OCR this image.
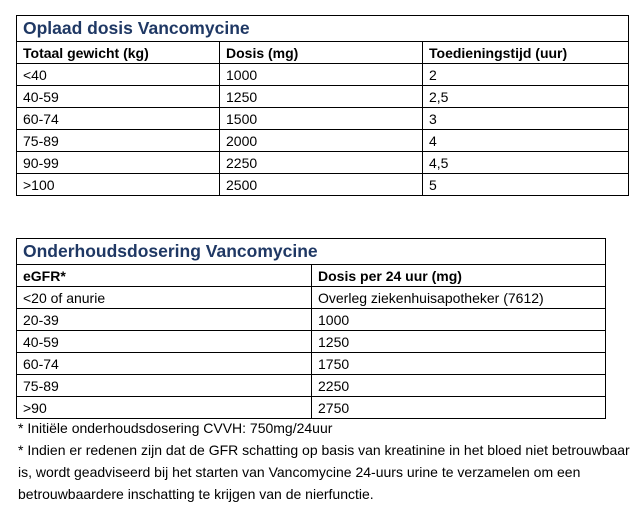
Oplaad dosis Vancomycine		
Totaal gewicht (kg)	Dosis (mg)	Toedieningstijd (uur)
<40	1000	2
40-59	1250	2,5
60-74	1500	3
75-89	2000	4
90-99	2250	4,5
>100	2500	5
Onderhoudsdosering Vancomycine	
eGFR*	Dosis per 24 uur (mg)
<20 of anurie	Overleg ziekenhuisapotheker (7612)
20-39	1000
40-59	1250
60-74	1750
75-89	2250
>90	2750

* Initiële onderhoudsdosering CVVH: 750mg/24uur

* Indien er redenen zijn dat de GFR schatting op basis van kreatinine in het bloed niet betrouwbaar is, wordt geadviseerd bij het starten van Vancomycine 24-uurs urine te verzamelen om een betrouwbaardere inschatting te krijgen van de nierfunctie.
